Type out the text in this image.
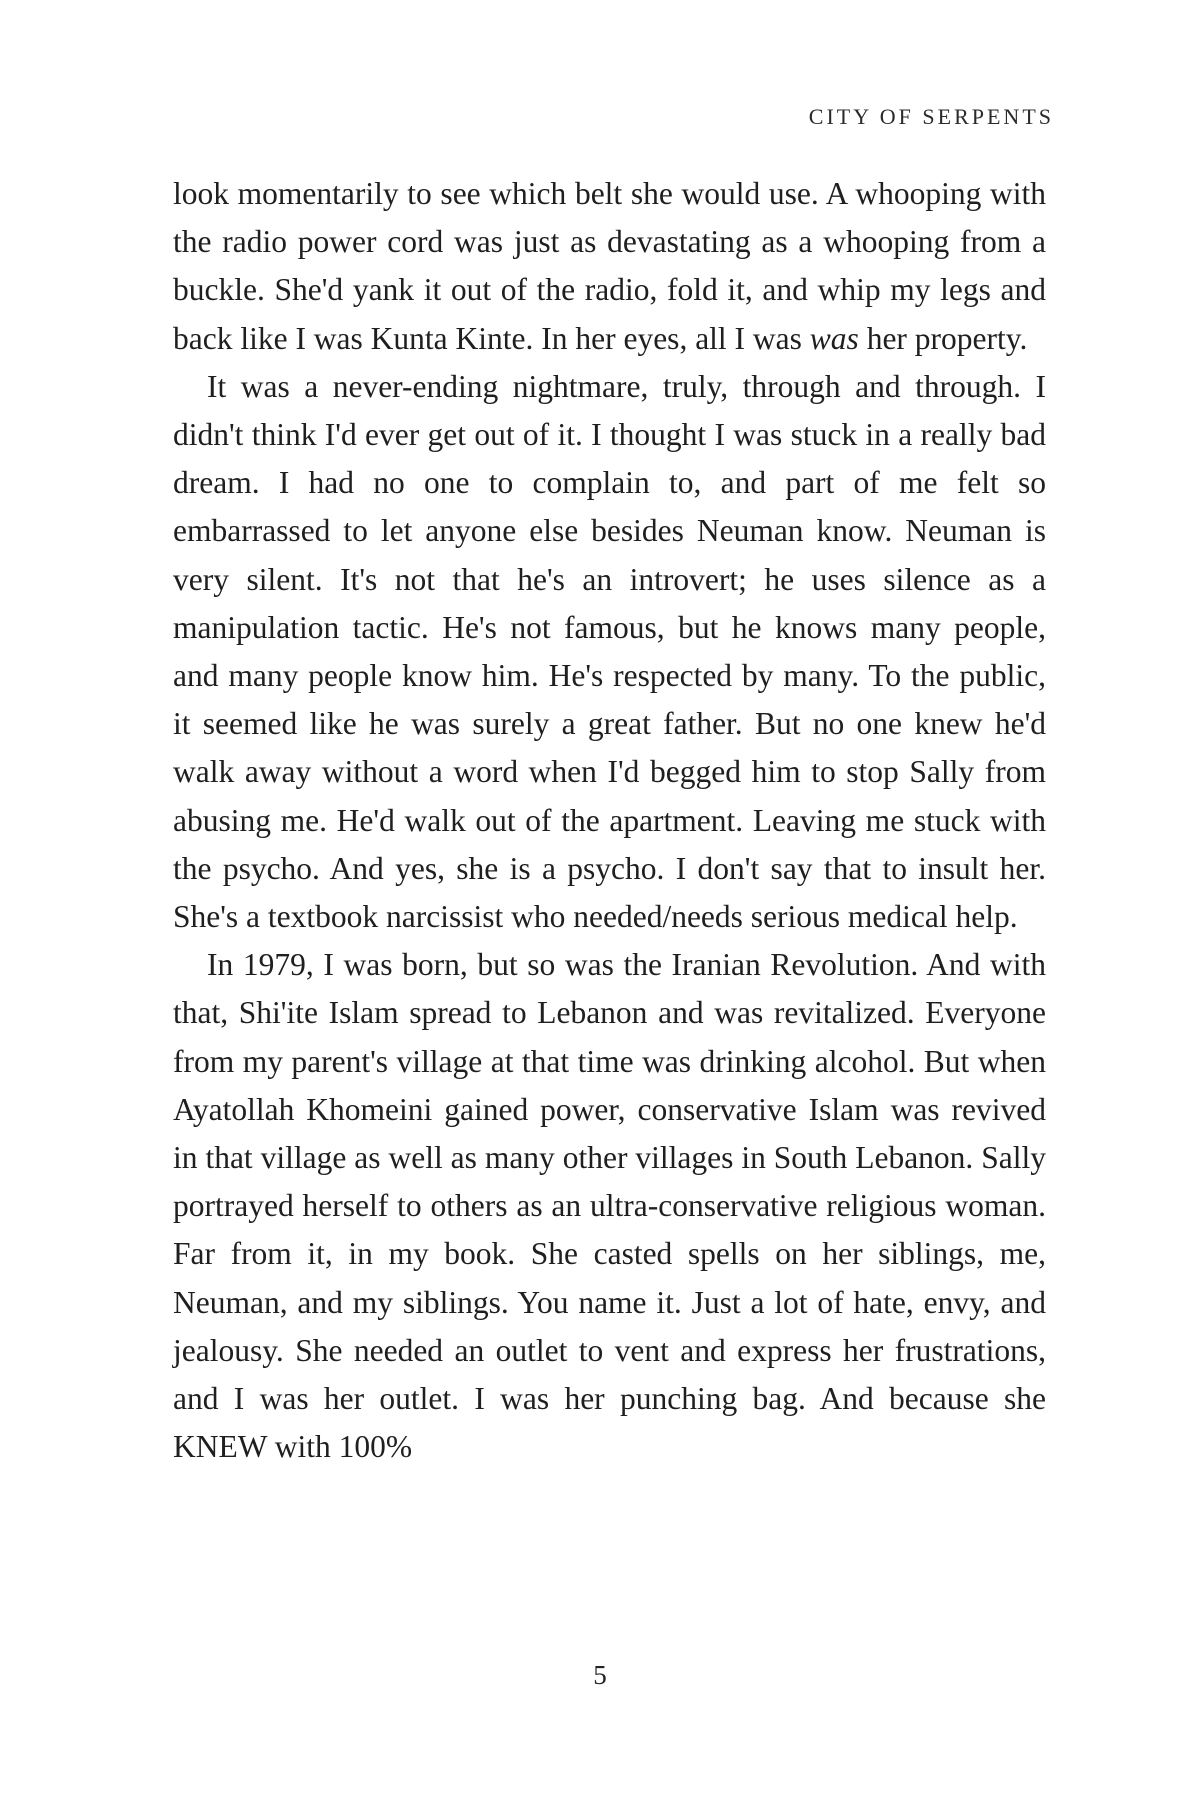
CITY OF SERPENTS

look momentarily to see which belt she would use. A whooping with the radio power cord was just as devastating as a whooping from a buckle. She'd yank it out of the radio, fold it, and whip my legs and back like I was Kunta Kinte. In her eyes, all I was was her property.

It was a never-ending nightmare, truly, through and through. I didn't think I'd ever get out of it. I thought I was stuck in a really bad dream. I had no one to complain to, and part of me felt so embarrassed to let anyone else besides Neuman know. Neuman is very silent. It's not that he's an introvert; he uses silence as a manipulation tactic. He's not famous, but he knows many people, and many people know him. He's respected by many. To the public, it seemed like he was surely a great father. But no one knew he'd walk away without a word when I'd begged him to stop Sally from abusing me. He'd walk out of the apartment. Leaving me stuck with the psycho. And yes, she is a psycho. I don't say that to insult her. She's a textbook narcissist who needed/needs serious medical help.

In 1979, I was born, but so was the Iranian Revolution. And with that, Shi'ite Islam spread to Lebanon and was revitalized. Everyone from my parent's village at that time was drinking alcohol. But when Ayatollah Khomeini gained power, conservative Islam was revived in that village as well as many other villages in South Lebanon. Sally portrayed herself to others as an ultra-conservative religious woman. Far from it, in my book. She casted spells on her siblings, me, Neuman, and my siblings. You name it. Just a lot of hate, envy, and jealousy. She needed an outlet to vent and express her frustrations, and I was her outlet. I was her punching bag. And because she KNEW with 100%

5
